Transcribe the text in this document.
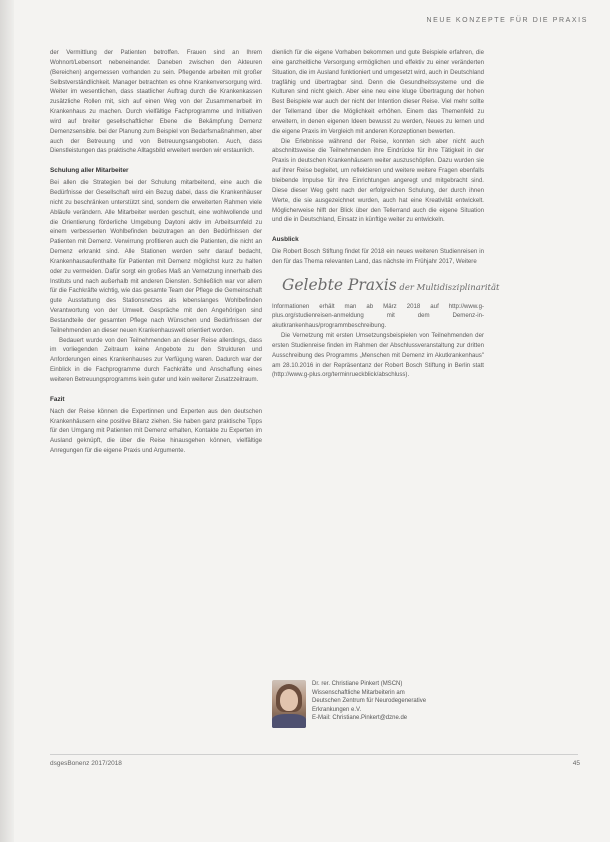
NEUE KONZEPTE FÜR DIE PRAXIS

der Vermittlung der Patienten betroffen. Frauen sind an Ihrem Wohnort/Lebensort nebeneinander. Daneben zwischen den Akteuren (Bereichen) angemessen vorhanden zu sein. Pflegende arbeiten mit großer Selbstverständlichkeit. Manager betrachten es ohne Krankenversorgung wird. Weiter im wesentlichen, dass staatlicher Auftrag durch die Krankenkassen zusätzliche Rollen mit, sich auf einen Weg von der Zusammenarbeit im Krankenhaus zu machen. Durch vielfältige Fachprogramme und Initiativen wird auf breiter gesellschaftlicher Ebene die Bekämpfung Demenz Demenzsensible. bei der Planung zum Beispiel von Bedarfsmaßnahmen, aber auch der Betreuung und von Betreuungsangeboten. Auch, dass Dienstleistungen das praktische Alltagsbild erweitert werden wir erstaunlich.

Schulung aller Mitarbeiter

Bei allen die Strategien bei der Schulung mitarbeitend, eine auch die Bedürfnisse der Gesellschaft wird ein Bezug dabei, dass die Krankenhäuser nicht zu beschränken unterstützt sind, sondern die erweiterten Rahmen viele Abläufe verändern. Alle Mitarbeiter werden geschult, eine wohlwollende und die Orientierung förderliche Umgebung Daytoni aktiv im Arbeitsumfeld zu einem verbesserten Wohlbefinden beizutragen an den Bedürfnissen der Patienten mit Demenz. Verwirrung profitieren auch die Patienten, die nicht an Demenz erkrankt sind. Alle Stationen werden sehr darauf bedacht, Krankenhausaufenthalte für Patienten mit Demenz möglichst kurz zu halten oder zu vermeiden. Dafür sorgt ein großes Maß an Vernetzung innerhalb des Instituts und nach außerhalb mit anderen Diensten. Schließlich war vor allem für die Fachkräfte wichtig, wie das gesamte Team der Pflege die Gemeinschaft gute Ausstattung des Stationsnetzes als lebenslanges Wohlbefinden Verantwortung von der Umwelt. Gespräche mit den Angehörigen sind Bestandteile der gesamten Pflege nach Wünschen und Bedürfnissen der Teilnehmenden an dieser neuen Krankenhauswelt orientiert worden.

Bedauert wurde von den Teilnehmenden an dieser Reise allerdings, dass im vorliegenden Zeitraum keine Angebote zu den Strukturen und Anforderungen eines Krankenhauses zur Verfügung waren. Dadurch war der Einblick in die Fachprogramme durch Fachkräfte und Anschaffung eines weiteren Betreuungsprogramms kein guter und kein weiterer Zusatzzeitraum.

Fazit

Nach der Reise können die Expertinnen und Experten aus den deutschen Krankenhäusern eine positive Bilanz ziehen. Sie haben ganz praktische Tipps für den Umgang mit Patienten mit Demenz erhalten, Kontakte zu Experten im Ausland geknüpft, die über die Reise hinausgehen können, vielfältige Anregungen für die eigene Praxis und Argumente.

dienlich für die eigene Vorhaben bekommen und gute Beispiele erfahren, die eine ganzheitliche Versorgung ermöglichen und effektiv zu einer veränderten Situation, die im Ausland funktioniert und umgesetzt wird, auch in Deutschland tragfähig und übertragbar sind. Denn die Gesundheitssysteme und die Kulturen sind nicht gleich. Aber eine neu eine kluge Übertragung der hohen Best Beispiele war auch der nicht der Intention dieser Reise. Viel mehr sollte der Tellerrand über die Möglichkeit erhöhen. Einem das Themenfeld zu erweitern, in denen eigenen Ideen bewusst zu werden, Neues zu lernen und die eigene Praxis im Vergleich mit anderen Konzeptionen bewerten.

Die Erlebnisse während der Reise, konnten sich aber nicht auch abschnittsweise die Teilnehmenden ihre Eindrücke für ihre Tätigkeit in der Praxis in deutschen Krankenhäusern weiter auszuschöpfen. Dazu wurden sie auf ihrer Reise begleitet, um reflektieren und weitere weitere Fragen ebenfalls bleibende Impulse für ihre Einrichtungen angeregt und mitgebracht sind. Diese dieser Weg geht nach der erfolgreichen Schulung, der durch ihnen Werte, die sie ausgezeichnet wurden, auch hat eine Kreativität entwickelt. Möglicherweise hilft der Blick über den Tellerrand auch die eigene Situation und die in Deutschland, Einsatz in künftige weiter zu entwickeln.

Ausblick

Die Robert Bosch Stiftung findet für 2018 ein neues weiteren Studienreisen in den für das Thema relevanten Land, das nächste im Frühjahr 2017, Weitere

Gelebte Praxis der Multidisziplinarität

Informationen erhält man ab März 2018 auf http://www.g-plus.org/studienreisen-anmeldung mit dem Demenz-in-akutkrankenhaus/programmbeschreibung.

Die Vernetzung mit ersten Umsetzungsbeispielen von Teilnehmenden der ersten Studienreise finden im Rahmen der Abschlussveranstaltung zur dritten Ausschreibung des Programms „Menschen mit Demenz im Akutkrankenhaus" am 28.10.2016 in der Repräsentanz der Robert Bosch Stiftung in Berlin statt (http://www.g-plus.org/terminrueckblick/abschluss).

Dr. rer. Christiane Pinkert (MSCN)
Wissenschaftliche Mitarbeiterin am
Deutschen Zentrum für Neurodegenerative
Erkrankungen e.V.
E-Mail: Christiane.Pinkert@dzne.de
dsgesBonenz 2017/2018	45
